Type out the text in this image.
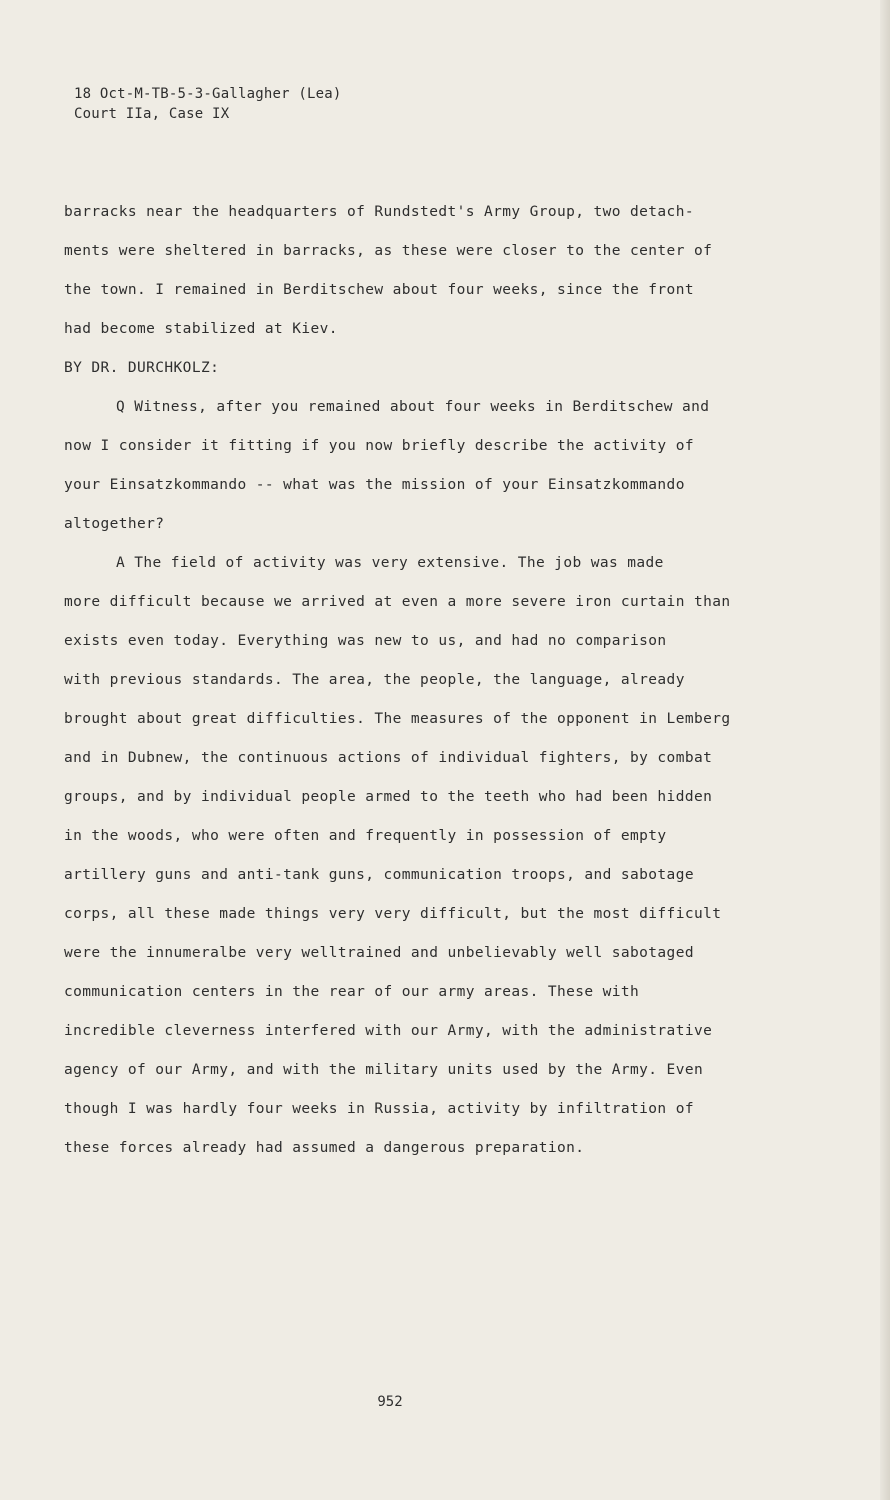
18 Oct-M-TB-5-3-Gallagher (Lea)
Court IIa, Case IX

barracks near the headquarters of Rundstedt's Army Group, two detach-
ments were sheltered in barracks, as these were closer to the center of
the town. I remained in Berditschew about four weeks, since the front
had become stabilized at Kiev.

BY DR. DURCHKOLZ:

Q Witness, after you remained about four weeks in Berditschew and
now I consider it fitting if you now briefly describe the activity of
your Einsatzkommando -- what was the mission of your Einsatzkommando
altogether?

A The field of activity was very extensive. The job was made
more difficult because we arrived at even a more severe iron curtain than
exists even today. Everything was new to us, and had no comparison
with previous standards. The area, the people, the language, already
brought about great difficulties. The measures of the opponent in Lemberg
and in Dubnew, the continuous actions of individual fighters, by combat
groups, and by individual people armed to the teeth who had been hidden
in the woods, who were often and frequently in possession of empty
artillery guns and anti-tank guns, communication troops, and sabotage
corps, all these made things very very difficult, but the most difficult
were the innumeralbe very welltrained and unbelievably well sabotaged
communication centers in the rear of our army areas. These with
incredible cleverness interfered with our Army, with the administrative
agency of our Army, and with the military units used by the Army. Even
though I was hardly four weeks in Russia, activity by infiltration of
these forces already had assumed a dangerous preparation.

952
